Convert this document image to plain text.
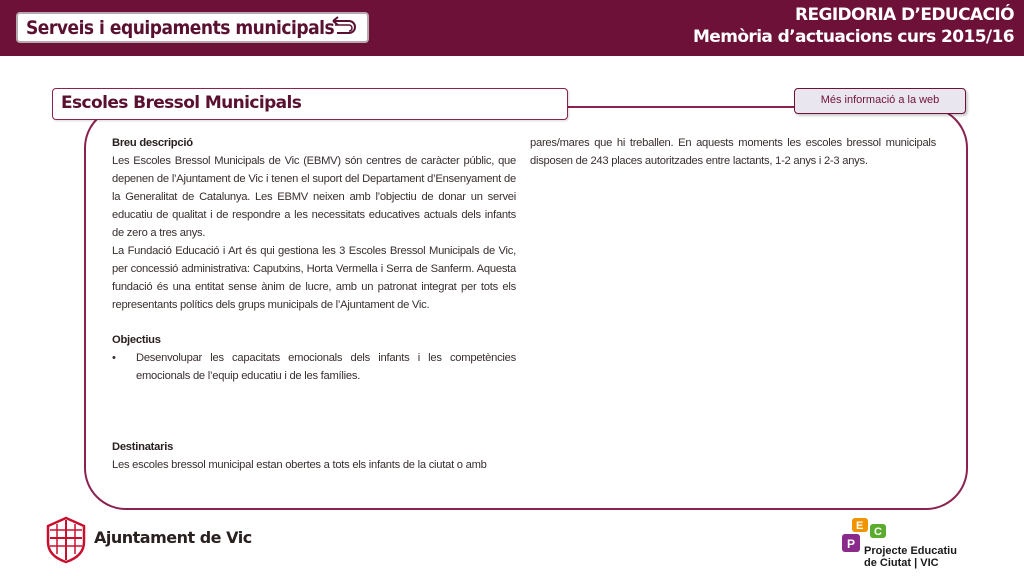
Serveis i equipaments municipals
REGIDORIA D’EDUCACIÓ
Memòria d’actuacions curs 2015/16
Escoles Bressol Municipals	Més informació a la web
Breu descripció
Les Escoles Bressol Municipals de Vic (EBMV) són centres de caràcter públic, que depenen de l’Ajuntament de Vic i tenen el suport del Departament d’Ensenyament de la Generalitat de Catalunya. Les EBMV neixen amb l’objectiu de donar un servei educatiu de qualitat i de respondre a les necessitats educatives actuals dels infants de zero a tres anys.
La Fundació Educació i Art és qui gestiona les 3 Escoles Bressol Municipals de Vic, per concessió administrativa: Caputxins, Horta Vermella i Serra de Sanferm. Aquesta fundació és una entitat sense ànim de lucre, amb un patronat integrat per tots els representants polítics dels grups municipals de l’Ajuntament de Vic.
Objectius
•	Desenvolupar les capacitats emocionals dels infants i les competències emocionals de l’equip educatiu i de les famílies.
Destinataris
Les escoles bressol municipal estan obertes a tots els infants de la ciutat o amb
pares/mares que hi treballen. En aquests moments les escoles bressol municipals disposen de 243 places autoritzades entre lactants, 1-2 anys i 2-3 anys.
Ajuntament de Vic
E C
P Projecte Educatiu
de Ciutat | VIC
